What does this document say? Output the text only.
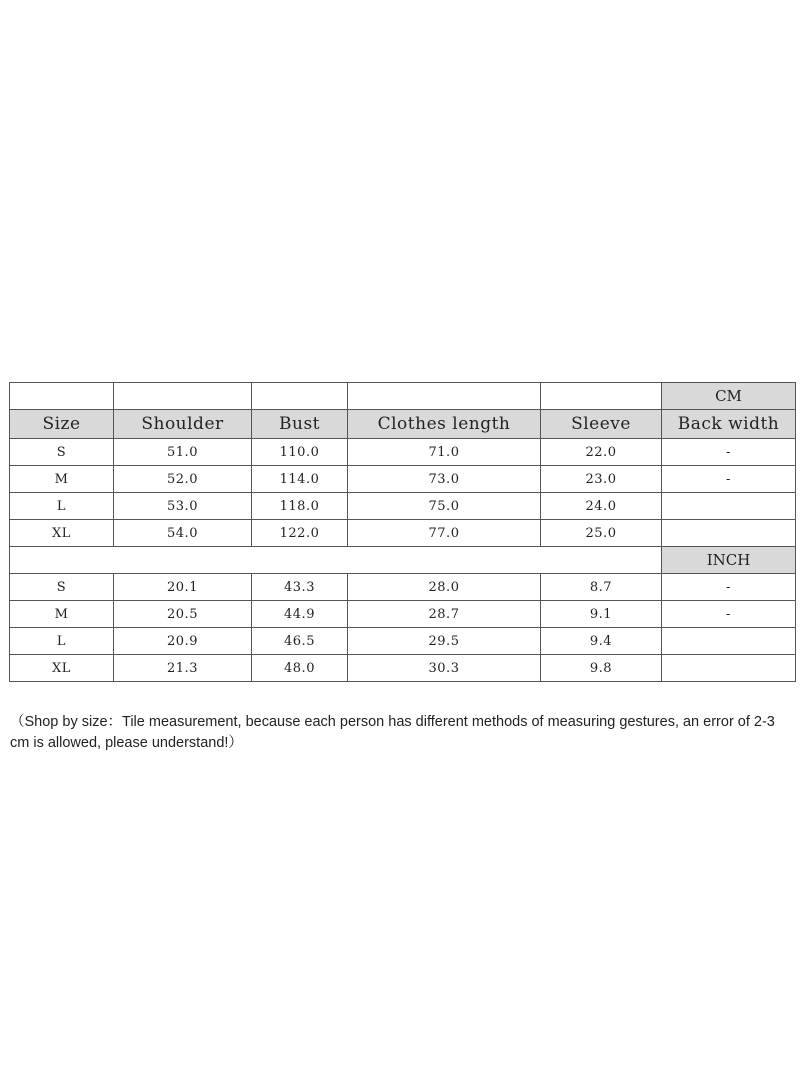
					CM
Size	Shoulder	Bust	Clothes length	Sleeve	Back width
S	51.0	110.0	71.0	22.0	-
M	52.0	114.0	73.0	23.0	-
L	53.0	118.0	75.0	24.0	
XL	54.0	122.0	77.0	25.0	
					INCH
S	20.1	43.3	28.0	8.7	-
M	20.5	44.9	28.7	9.1	-
L	20.9	46.5	29.5	9.4	
XL	21.3	48.0	30.3	9.8	

（Shop by size：Tile measurement, because each person has different methods of measuring gestures, an error of 2-3 cm is allowed, please understand!）
